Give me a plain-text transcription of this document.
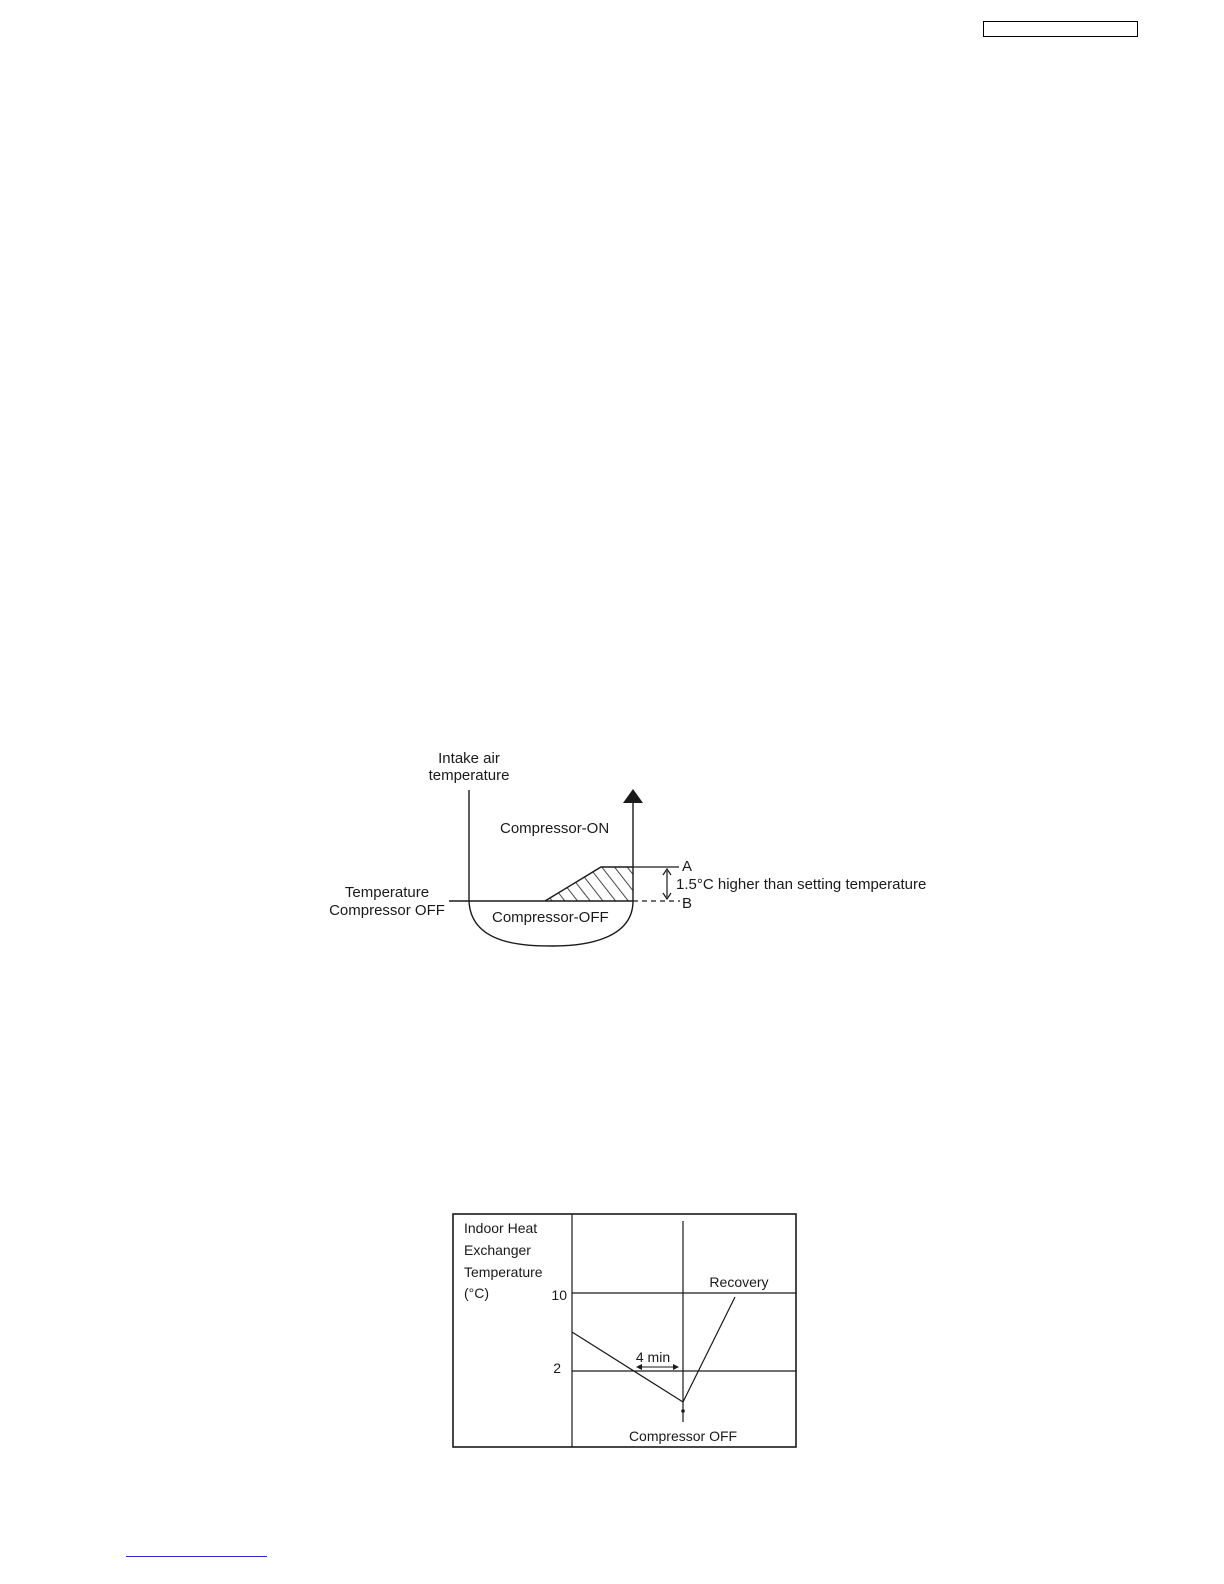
Intake air
temperature
Compressor-ON
Compressor-OFF
Temperature
Compressor OFF
A
B
1.5°C higher than setting temperature
Indoor Heat
Exchanger
Temperature
(°C)	10
2
Recovery
4 min
Compressor OFF
